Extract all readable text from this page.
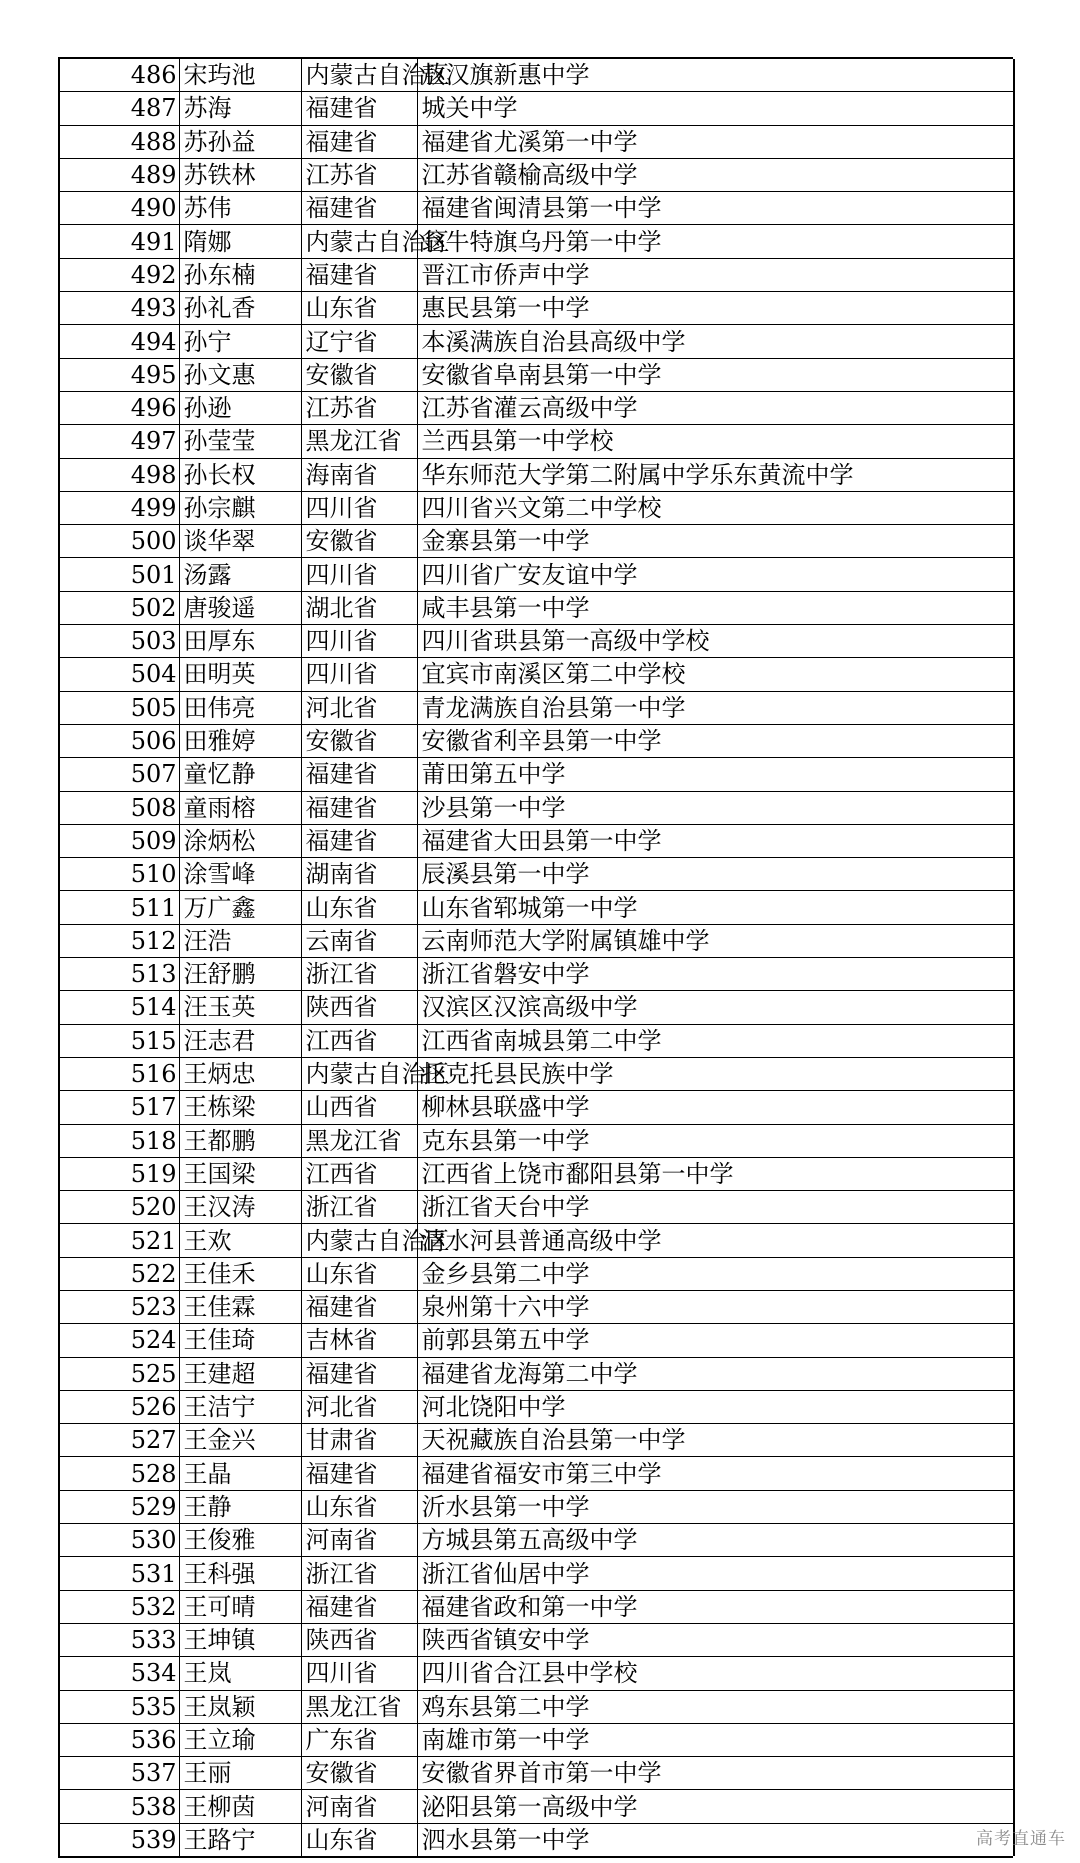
486	宋玙池	内蒙古自治区	敖汉旗新惠中学
487	苏海	福建省	城关中学
488	苏孙益	福建省	福建省尤溪第一中学
489	苏铁林	江苏省	江苏省赣榆高级中学
490	苏伟	福建省	福建省闽清县第一中学
491	隋娜	内蒙古自治区	翁牛特旗乌丹第一中学
492	孙东楠	福建省	晋江市侨声中学
493	孙礼香	山东省	惠民县第一中学
494	孙宁	辽宁省	本溪满族自治县高级中学
495	孙文惠	安徽省	安徽省阜南县第一中学
496	孙逊	江苏省	江苏省灌云高级中学
497	孙莹莹	黑龙江省	兰西县第一中学校
498	孙长权	海南省	华东师范大学第二附属中学乐东黄流中学
499	孙宗麒	四川省	四川省兴文第二中学校
500	谈华翠	安徽省	金寨县第一中学
501	汤露	四川省	四川省广安友谊中学
502	唐骏遥	湖北省	咸丰县第一中学
503	田厚东	四川省	四川省珙县第一高级中学校
504	田明英	四川省	宜宾市南溪区第二中学校
505	田伟亮	河北省	青龙满族自治县第一中学
506	田雅婷	安徽省	安徽省利辛县第一中学
507	童忆静	福建省	莆田第五中学
508	童雨榕	福建省	沙县第一中学
509	涂炳松	福建省	福建省大田县第一中学
510	涂雪峰	湖南省	辰溪县第一中学
511	万广鑫	山东省	山东省郓城第一中学
512	汪浩	云南省	云南师范大学附属镇雄中学
513	汪舒鹏	浙江省	浙江省磐安中学
514	汪玉英	陕西省	汉滨区汉滨高级中学
515	汪志君	江西省	江西省南城县第二中学
516	王炳忠	内蒙古自治区	托克托县民族中学
517	王栋梁	山西省	柳林县联盛中学
518	王都鹏	黑龙江省	克东县第一中学
519	王国梁	江西省	江西省上饶市鄱阳县第一中学
520	王汉涛	浙江省	浙江省天台中学
521	王欢	内蒙古自治区	清水河县普通高级中学
522	王佳禾	山东省	金乡县第二中学
523	王佳霖	福建省	泉州第十六中学
524	王佳琦	吉林省	前郭县第五中学
525	王建超	福建省	福建省龙海第二中学
526	王洁宁	河北省	河北饶阳中学
527	王金兴	甘肃省	天祝藏族自治县第一中学
528	王晶	福建省	福建省福安市第三中学
529	王静	山东省	沂水县第一中学
530	王俊雅	河南省	方城县第五高级中学
531	王科强	浙江省	浙江省仙居中学
532	王可晴	福建省	福建省政和第一中学
533	王坤镇	陕西省	陕西省镇安中学
534	王岚	四川省	四川省合江县中学校
535	王岚颖	黑龙江省	鸡东县第二中学
536	王立瑜	广东省	南雄市第一中学
537	王丽	安徽省	安徽省界首市第一中学
538	王柳茵	河南省	泌阳县第一高级中学
539	王路宁	山东省	泗水县第一中学	高考直通车
